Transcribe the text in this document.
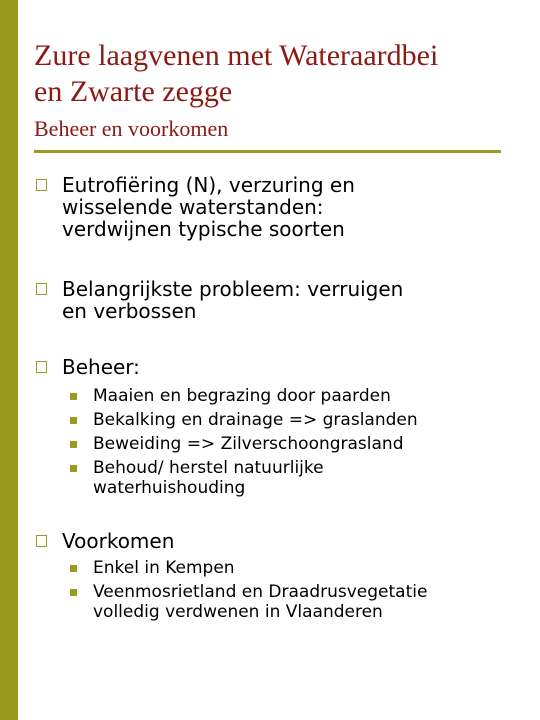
Zure laagvenen met Wateraardbei
en Zwarte zegge
Beheer en voorkomen
Eutrofiëring (N), verzuring en
wisselende waterstanden:
verdwijnen typische soorten
Belangrijkste probleem: verruigen
en verbossen
Beheer:
Maaien en begrazing door paarden
Bekalking en drainage => graslanden
Beweiding => Zilverschoongrasland
Behoud/ herstel natuurlijke
waterhuishouding
Voorkomen
Enkel in Kempen
Veenmosrietland en Draadrusvegetatie
volledig verdwenen in Vlaanderen
